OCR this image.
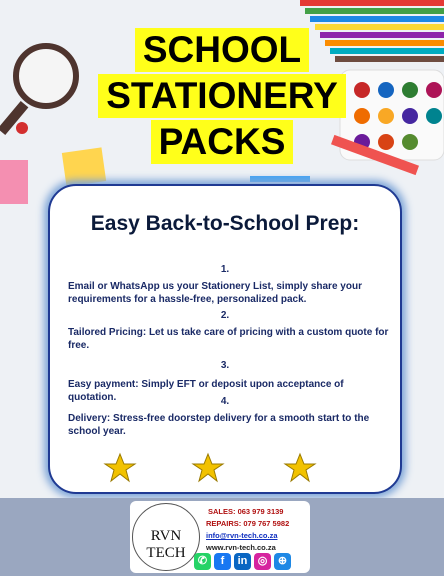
SCHOOL
STATIONERY
PACKS
Easy Back-to-School Prep:
1.
Email or WhatsApp us your Stationery List, simply share your requirements for a hassle-free, personalized pack.
2.
Tailored Pricing: Let us take care of pricing with a custom quote for free.
3.
Easy payment: Simply EFT or deposit upon acceptance of quotation.	4.
Delivery: Stress-free doorstep delivery for a smooth start to the school year.
RVN TECH
SALES: 063 979 3139
REPAIRS: 079 767 5982
info@rvn-tech.co.za
www.rvn-tech.co.za
✆	f	in ◎ ⊕
